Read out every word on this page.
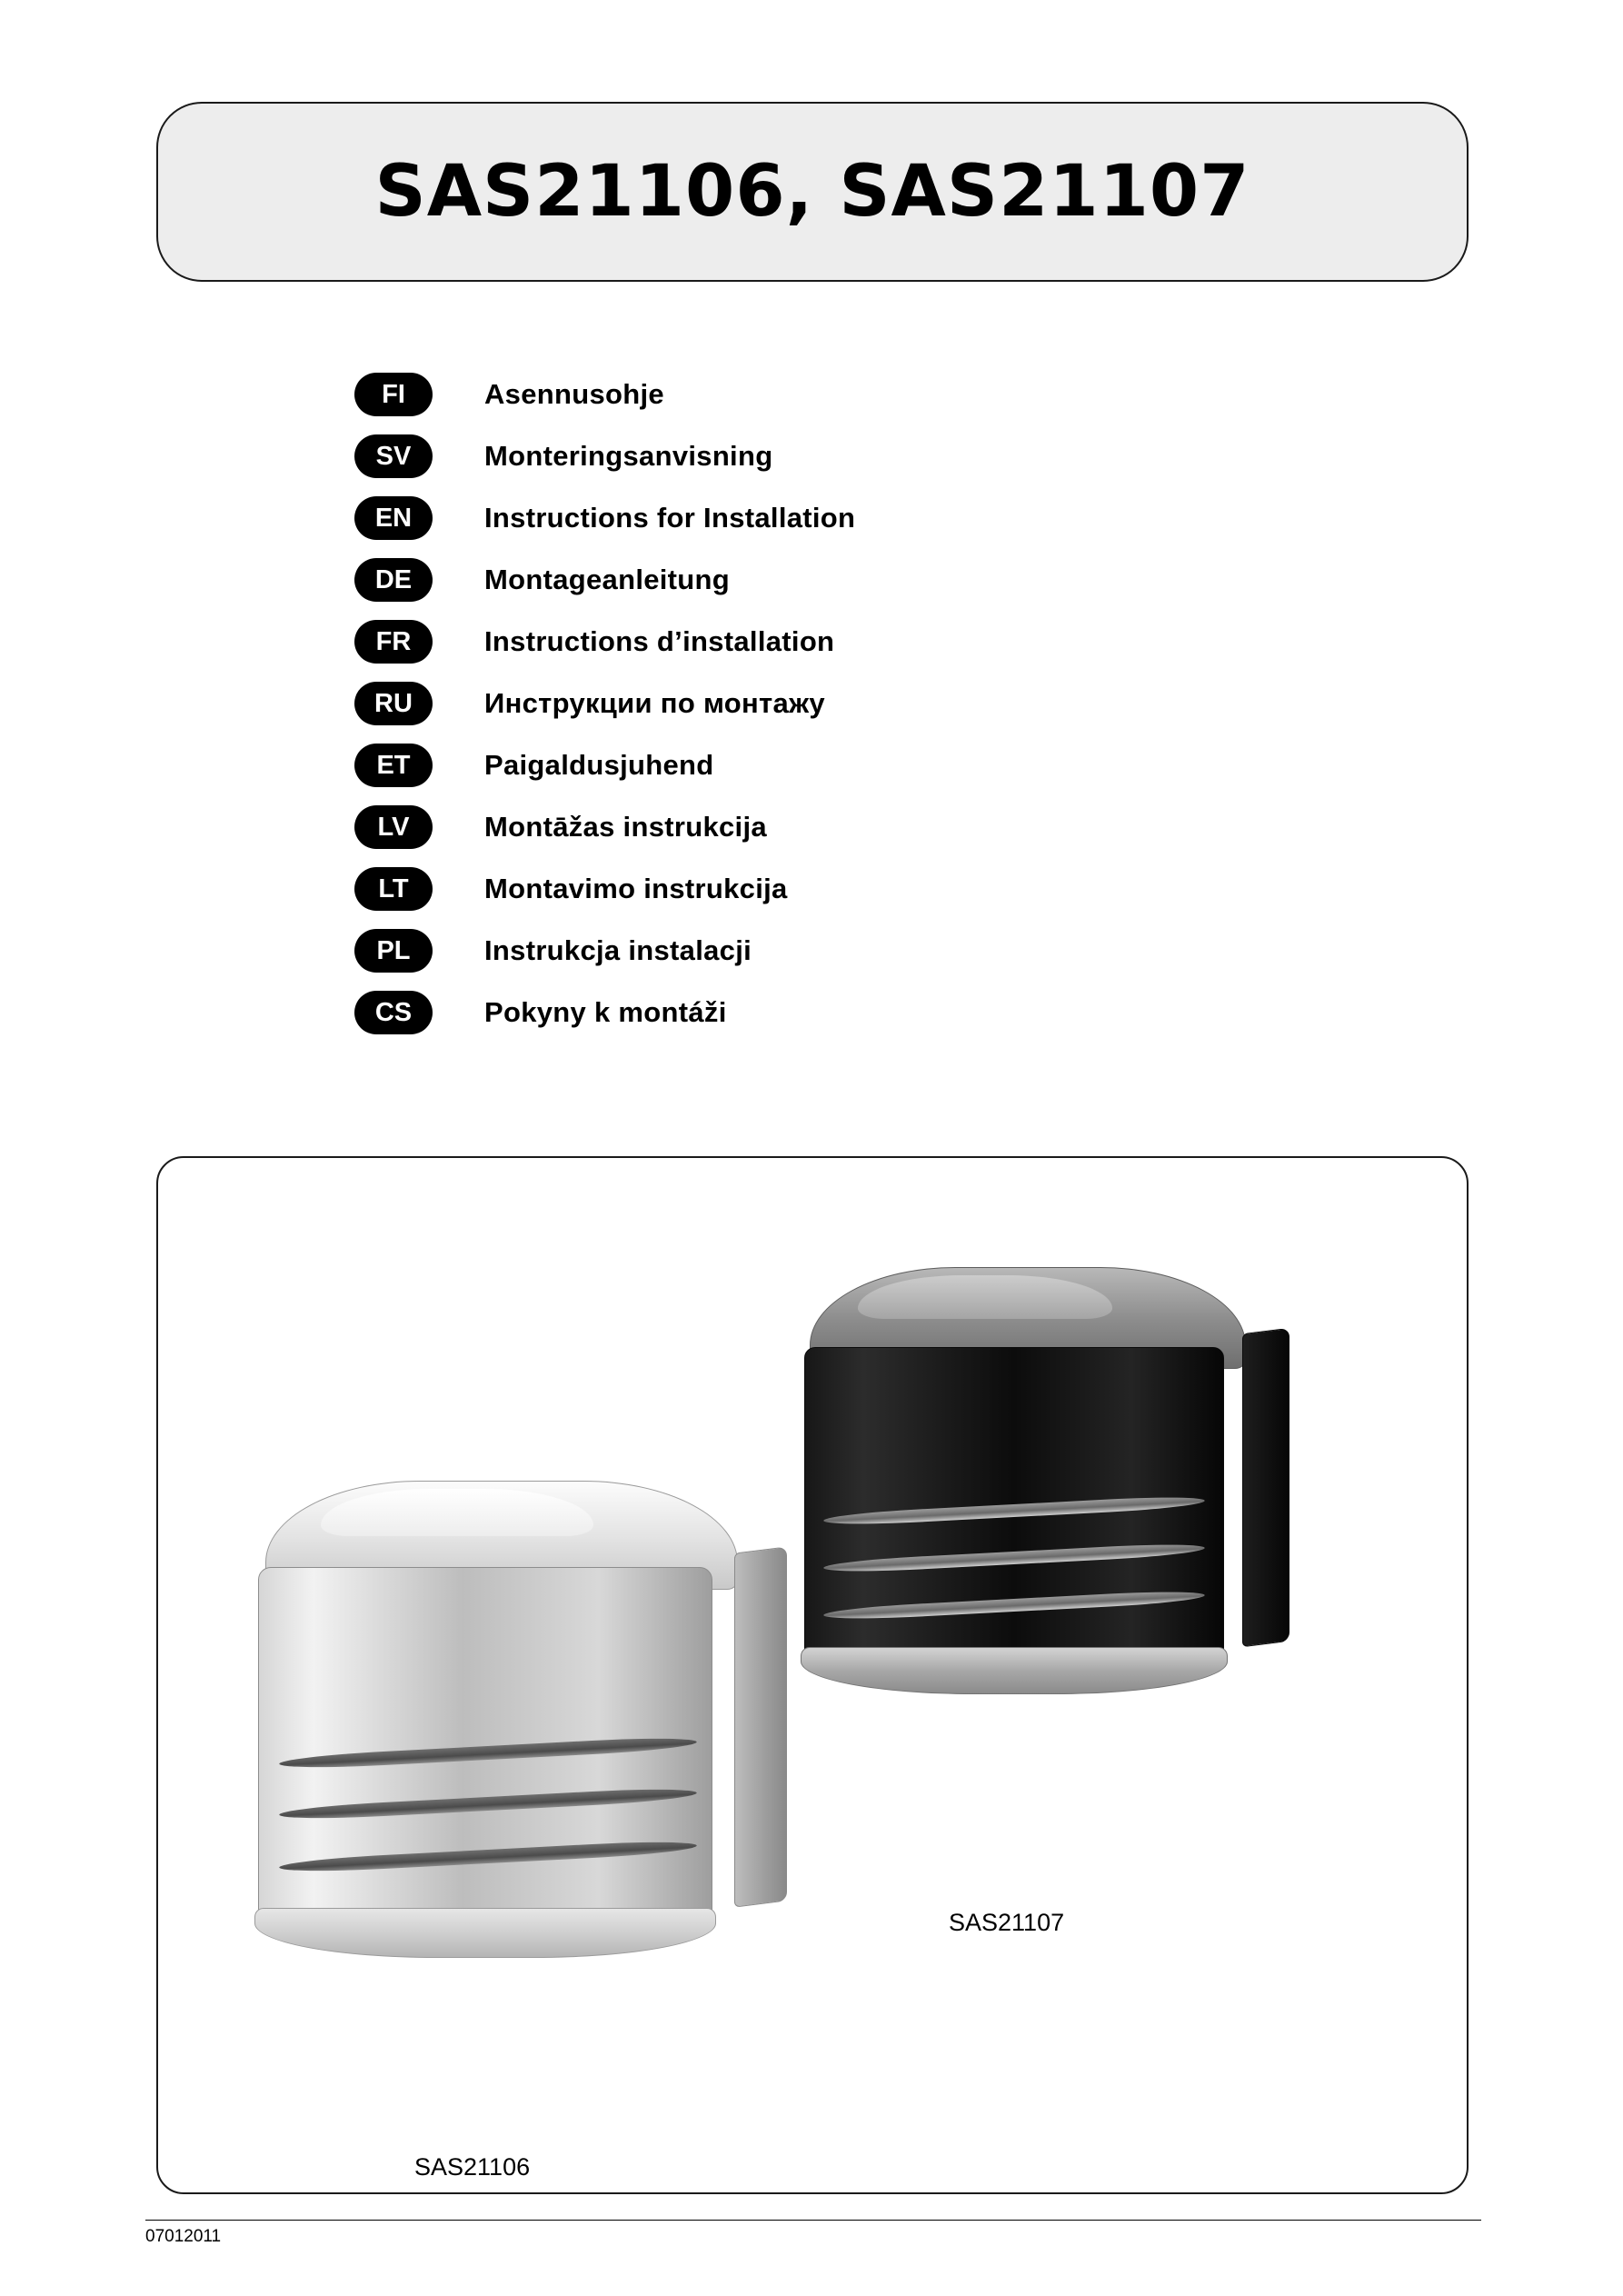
SAS21106, SAS21107
FI	Asennusohje
SV	Monteringsanvisning
EN	Instructions for Installation
DE	Montageanleitung
FR	Instructions d’installation
RU	Инструкции по монтажу
ET	Paigaldusjuhend
LV	Montāžas instrukcija
LT	Montavimo instrukcija
PL	Instrukcja instalacji
CS	Pokyny k montáži
SAS21106
SAS21107
07012011
